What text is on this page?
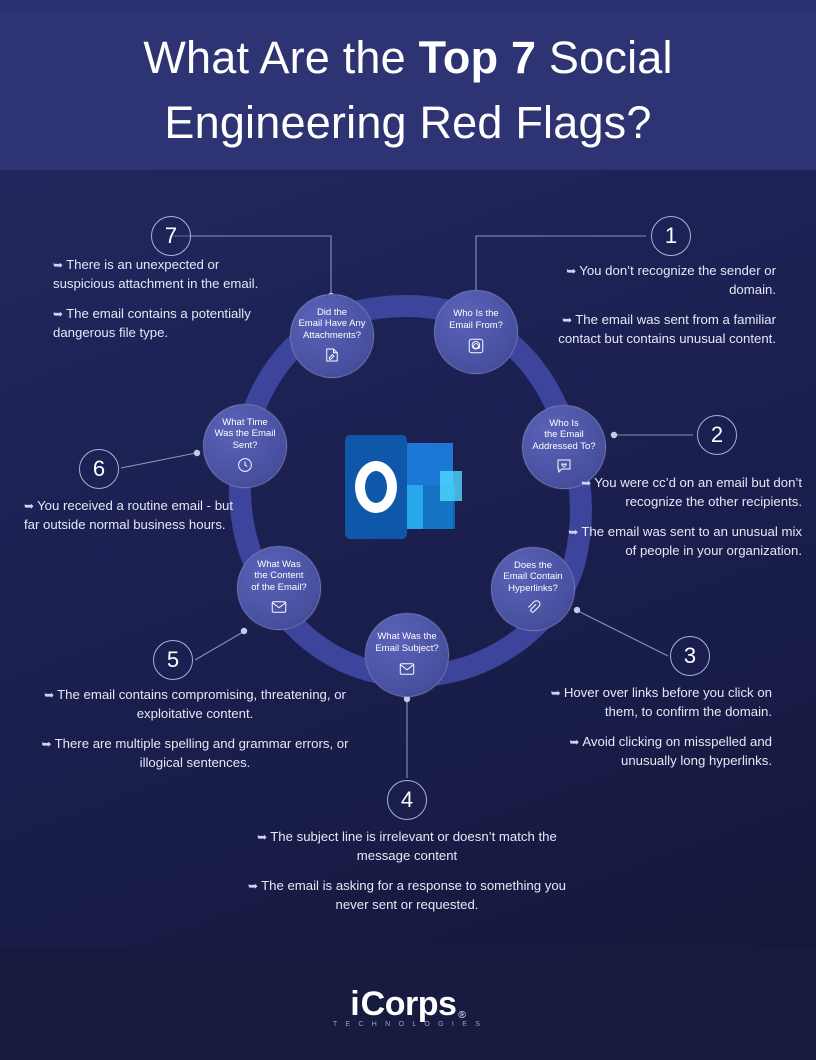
What Are the Top 7 Social
Engineering Red Flags?
Who Is the
Email From?
Who Is
the Email
Addressed To?
Does the
Email Contain
Hyperlinks?
What Was the
Email Subject?
What Was
the Content
of the Email?
What Time
Was the Email
Sent?
Did the
Email Have Any
Attachments?
7	1
2
3
4
5
6

➥ You don’t recognize the sender or domain.

➥ The email was sent from a familiar contact but contains unusual content.

➥ You were cc’d on an email but don’t recognize the other recipients.

➥ The email was sent to an unusual mix of people in your organization.

➥ Hover over links before you click on them, to confirm the domain.

➥ Avoid clicking on misspelled and unusually long hyperlinks.

➥ The subject line is irrelevant or doesn’t match the message content

➥ The email is asking for a response to something you never sent or requested.

➥ The email contains compromising, threatening, or exploitative content.

➥ There are multiple spelling and grammar errors, or illogical sentences.

➥ You received a routine email - but far outside normal business hours.

➥ There is an unexpected or suspicious attachment in the email.

➥ The email contains a potentially dangerous file type.

i Corps ®
T E C H N O L O G I E S
